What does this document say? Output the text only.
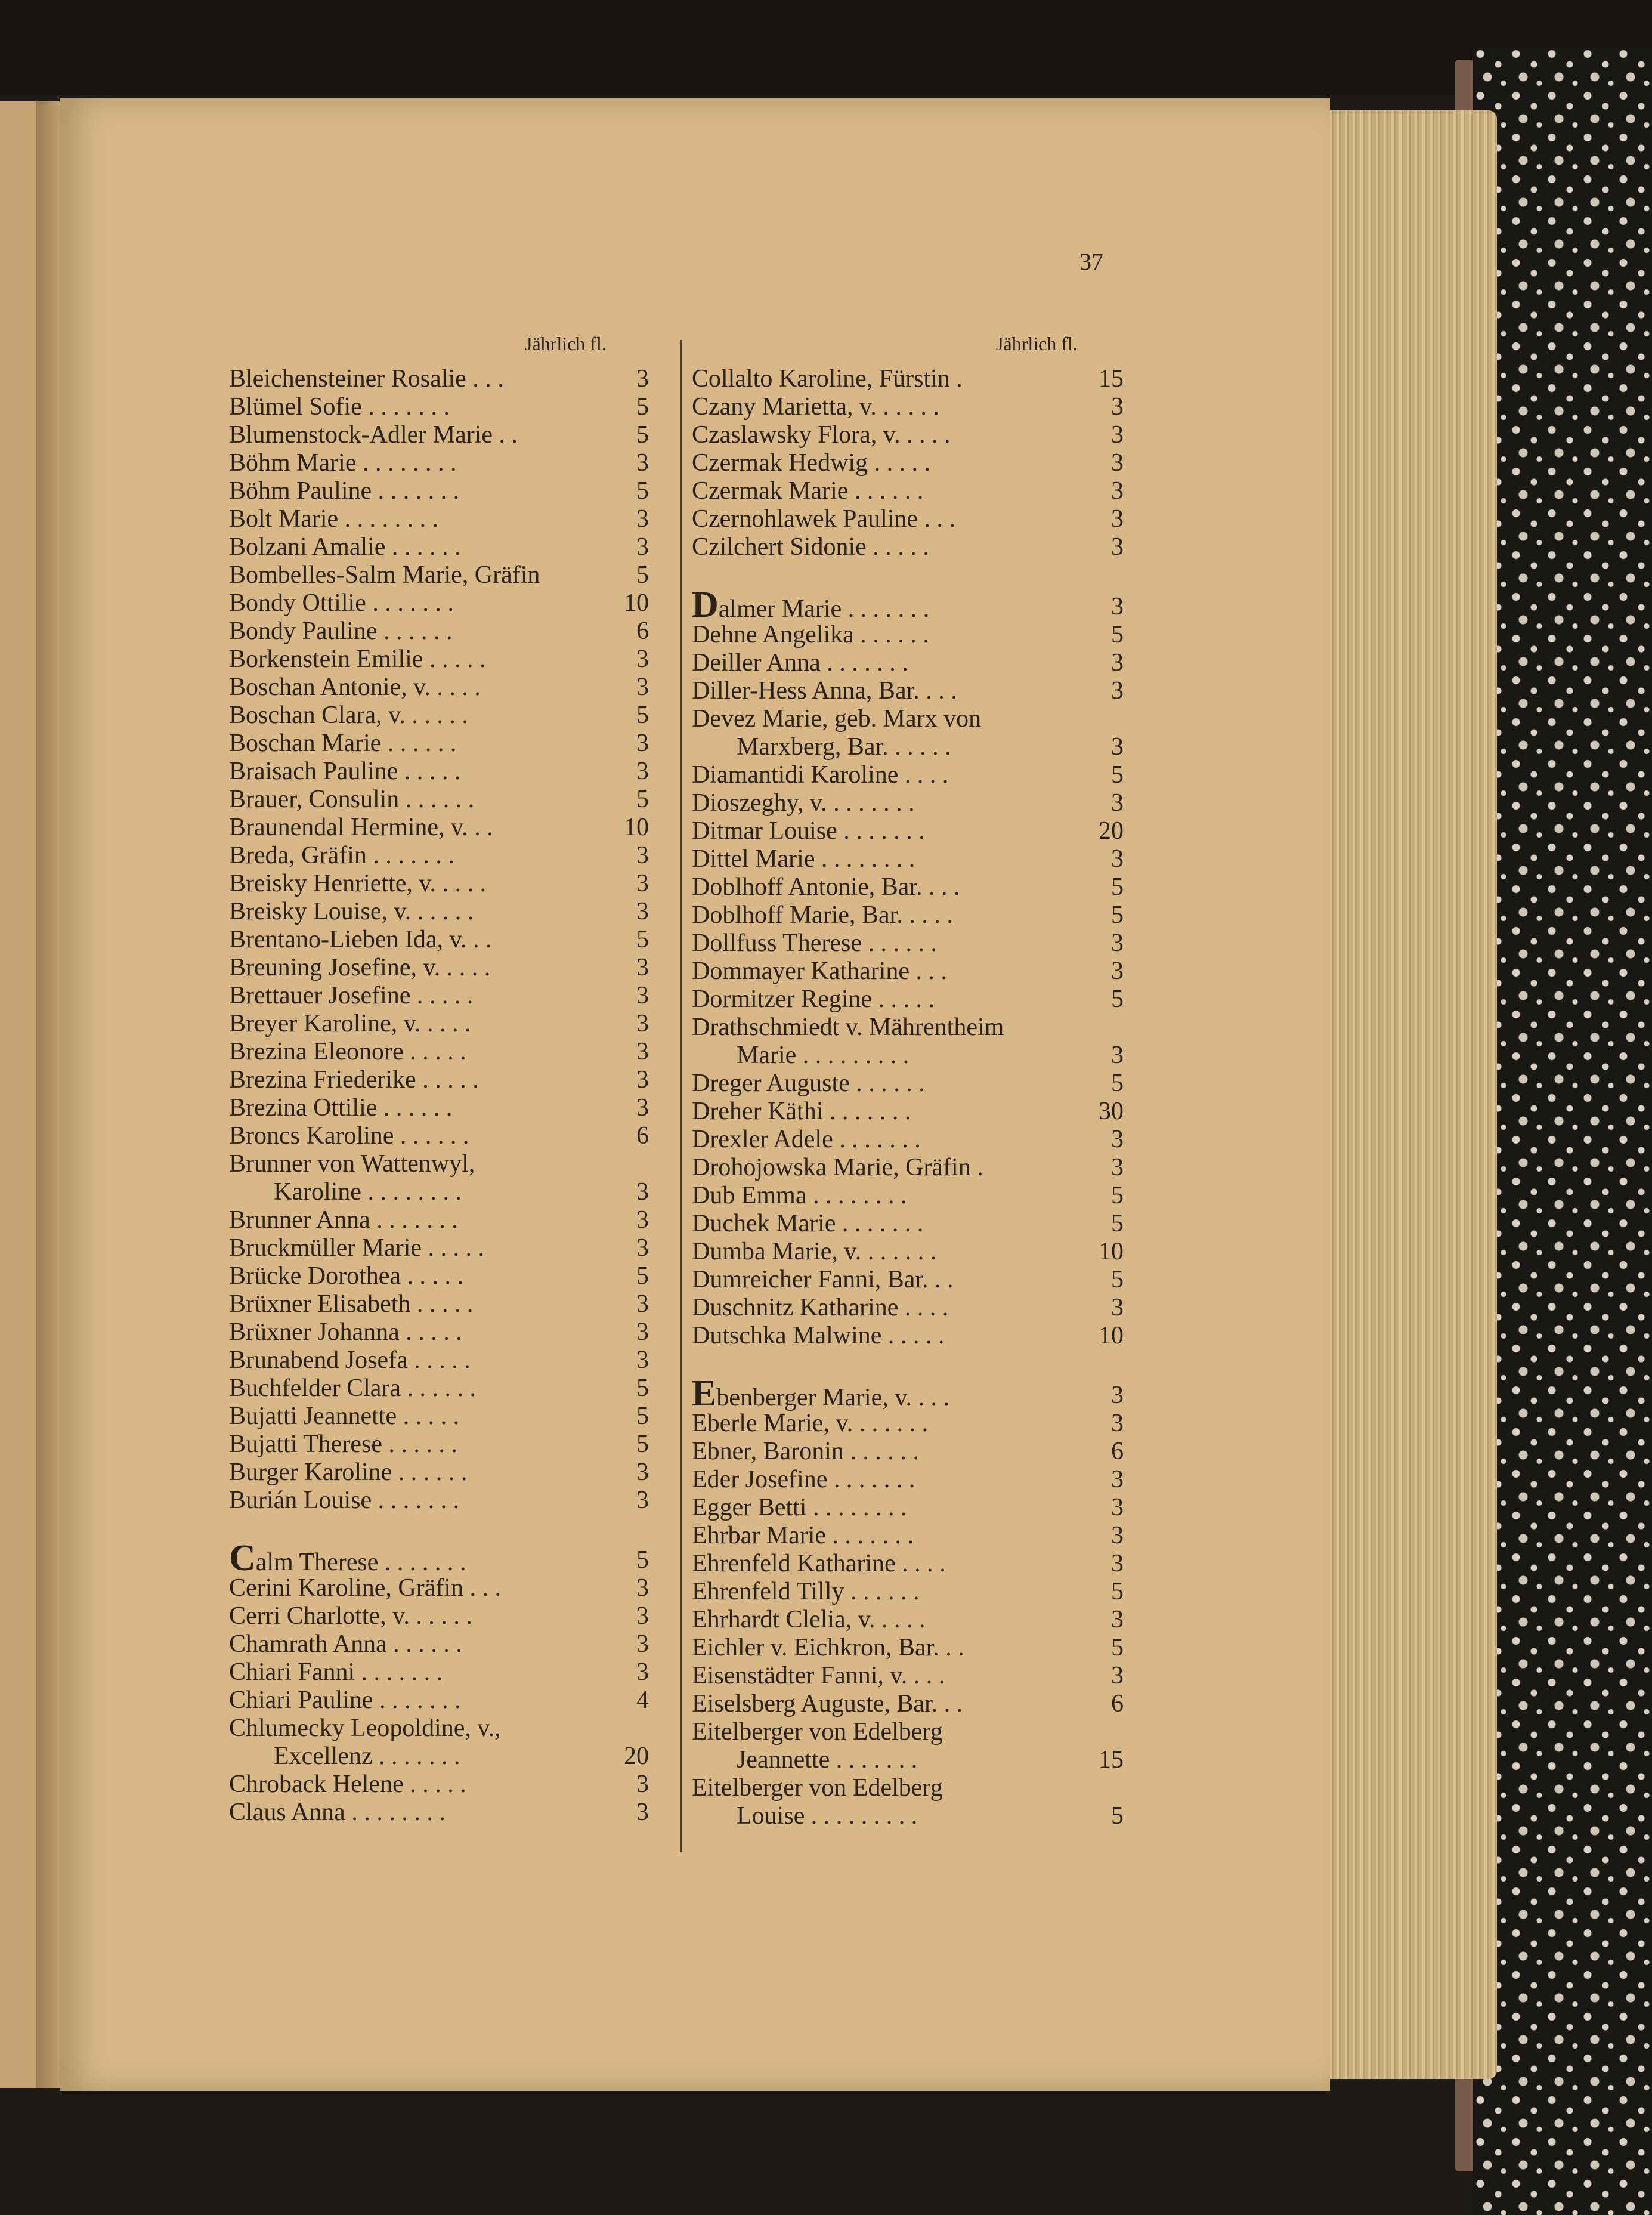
37
Jährlich fl.	Jährlich fl.
Bleichensteiner Rosalie . . .	3
Blümel Sofie . . . . . . .	5
Blumenstock-Adler Marie . .	5
Böhm Marie . . . . . . . .	3
Böhm Pauline . . . . . . .	5
Bolt Marie . . . . . . . .	3
Bolzani Amalie . . . . . .	3
Bombelles-Salm Marie, Gräfin	5
Bondy Ottilie . . . . . . .	10
Bondy Pauline . . . . . .	6
Borkenstein Emilie . . . . .	3
Boschan Antonie, v. . . . .	3
Boschan Clara, v. . . . . .	5
Boschan Marie . . . . . .	3
Braisach Pauline . . . . .	3
Brauer, Consulin . . . . . .	5
Braunendal Hermine, v. . .	10
Breda, Gräfin . . . . . . .	3
Breisky Henriette, v. . . . .	3
Breisky Louise, v. . . . . .	3
Brentano-Lieben Ida, v. . .	5
Breuning Josefine, v. . . . .	3
Brettauer Josefine . . . . .	3
Breyer Karoline, v. . . . .	3
Brezina Eleonore . . . . .	3
Brezina Friederike . . . . .	3
Brezina Ottilie . . . . . .	3
Broncs Karoline . . . . . .	6
Brunner von Wattenwyl,
Karoline . . . . . . . .	3
Brunner Anna . . . . . . .	3
Bruckmüller Marie . . . . .	3
Brücke Dorothea . . . . .	5
Brüxner Elisabeth . . . . .	3
Brüxner Johanna . . . . .	3
Brunabend Josefa . . . . .	3
Buchfelder Clara . . . . . .	5
Bujatti Jeannette . . . . .	5
Bujatti Therese . . . . . .	5
Burger Karoline . . . . . .	3
Burián Louise . . . . . . .	3
Calm Therese . . . . . . .	5
Cerini Karoline, Gräfin . . .	3
Cerri Charlotte, v. . . . . .	3
Chamrath Anna . . . . . .	3
Chiari Fanni . . . . . . .	3
Chiari Pauline . . . . . . .	4
Chlumecky Leopoldine, v.,
Excellenz . . . . . . .	20
Chroback Helene . . . . .	3
Claus Anna . . . . . . . .	3
Collalto Karoline, Fürstin .	15
Czany Marietta, v. . . . . .	3
Czaslawsky Flora, v. . . . .	3
Czermak Hedwig . . . . .	3
Czermak Marie . . . . . .	3
Czernohlawek Pauline . . .	3
Czilchert Sidonie . . . . .	3
Dalmer Marie . . . . . . .	3
Dehne Angelika . . . . . .	5
Deiller Anna . . . . . . .	3
Diller-Hess Anna, Bar. . . .	3
Devez Marie, geb. Marx von
Marxberg, Bar. . . . . .	3
Diamantidi Karoline . . . .	5
Dioszeghy, v. . . . . . . .	3
Ditmar Louise . . . . . . .	20
Dittel Marie . . . . . . . .	3
Doblhoff Antonie, Bar. . . .	5
Doblhoff Marie, Bar. . . . .	5
Dollfuss Therese . . . . . .	3
Dommayer Katharine . . .	3
Dormitzer Regine . . . . .	5
Drathschmiedt v. Mährentheim
Marie . . . . . . . . .	3
Dreger Auguste . . . . . .	5
Dreher Käthi . . . . . . .	30
Drexler Adele . . . . . . .	3
Drohojowska Marie, Gräfin .	3
Dub Emma . . . . . . . .	5
Duchek Marie . . . . . . .	5
Dumba Marie, v. . . . . . .	10
Dumreicher Fanni, Bar. . .	5
Duschnitz Katharine . . . .	3
Dutschka Malwine . . . . .	10
Ebenberger Marie, v. . . .	3
Eberle Marie, v. . . . . . .	3
Ebner, Baronin . . . . . .	6
Eder Josefine . . . . . . .	3
Egger Betti . . . . . . . .	3
Ehrbar Marie . . . . . . .	3
Ehrenfeld Katharine . . . .	3
Ehrenfeld Tilly . . . . . .	5
Ehrhardt Clelia, v. . . . .	3
Eichler v. Eichkron, Bar. . .	5
Eisenstädter Fanni, v. . . .	3
Eiselsberg Auguste, Bar. . .	6
Eitelberger von Edelberg
Jeannette . . . . . . .	15
Eitelberger von Edelberg
Louise . . . . . . . . .	5
